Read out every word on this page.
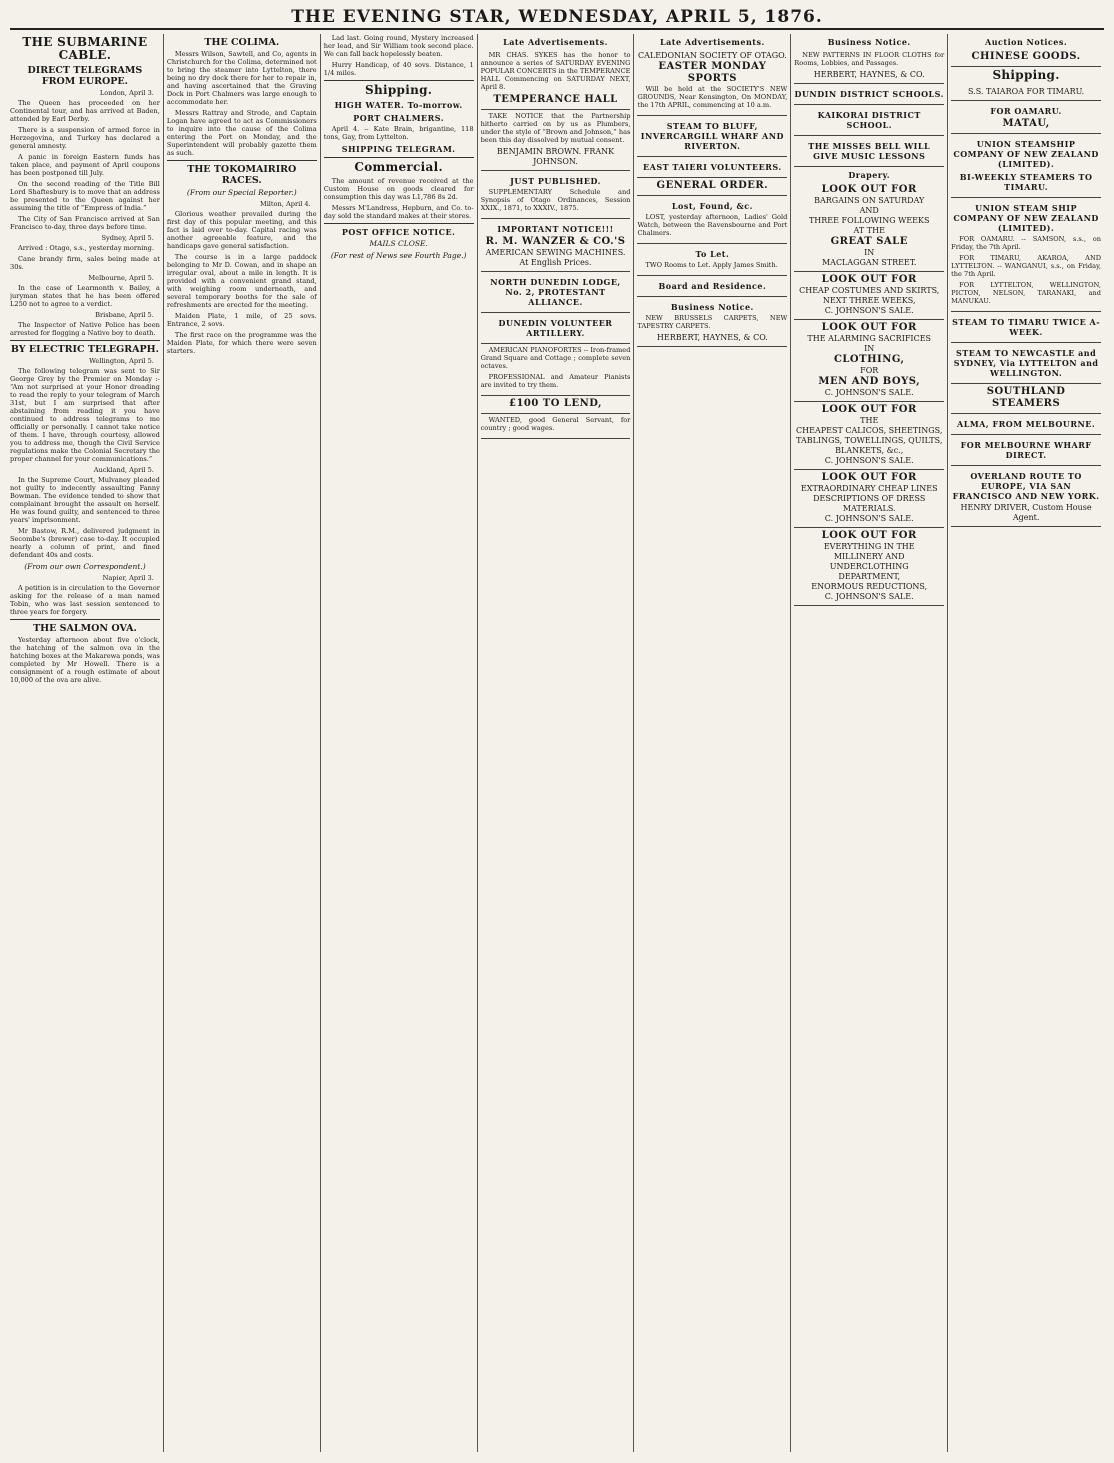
THE EVENING STAR, WEDNESDAY, APRIL 5, 1876.
THE SUBMARINE CABLE.
DIRECT TELEGRAMS FROM EUROPE.
London, April 3.

The Queen has proceeded on her Continental tour, and has arrived at Baden, attended by Earl Derby.

There is a suspension of armed force in Herzegovina, and Turkey has declared a general amnesty.

A panic in foreign Eastern funds has taken place, and payment of April coupons has been postponed till July.

On the second reading of the Title Bill Lord Shaftesbury is to move that an address be presented to the Queen against her assuming the title of “Empress of India.”

The City of San Francisco arrived at San Francisco to-day, three days before time.

Sydney, April 5.

Arrived : Otago, s.s., yesterday morning.

Cane brandy firm, sales being made at 30s.

Melbourne, April 5.

In the case of Learmonth v. Bailey, a juryman states that he has been offered L250 not to agree to a verdict.

Brisbane, April 5.

The Inspector of Native Police has been arrested for flogging a Native boy to death.

BY ELECTRIC TELEGRAPH.
Wellington, April 5.

The following telegram was sent to Sir George Grey by the Premier on Monday :- “Am not surprised at your Honor dreading to read the reply to your telegram of March 31st, but I am surprised that after abstaining from reading it you have continued to address telegrams to me officially or personally. I cannot take notice of them. I have, through courtesy, allowed you to address me, though the Civil Service regulations make the Colonial Secretary the proper channel for your communications.”

Auckland, April 5.

In the Supreme Court, Mulvaney pleaded not guilty to indecently assaulting Fanny Bowman. The evidence tended to show that complainant brought the assault on herself. He was found guilty, and sentenced to three years' imprisonment.

Mr Bastow, R.M., delivered judgment in Secombe's (brewer) case to-day. It occupied nearly a column of print, and fined defendant 40s and costs.

(From our own Correspondent.)
Napier, April 3.

A petition is in circulation to the Governor asking for the release of a man named Tobin, who was last session sentenced to three years for forgery.

THE SALMON OVA.

Yesterday afternoon about five o'clock, the hatching of the salmon ova in the hatching boxes at the Makarewa ponds, was completed by Mr Howell. There is a consignment of a rough estimate of about 10,000 of the ova are alive.

THE COLIMA.

Messrs Wilson, Sawtell, and Co, agents in Christchurch for the Colima, determined not to bring the steamer into Lyttelton, there being no dry dock there for her to repair in, and having ascertained that the Graving Dock in Port Chalmers was large enough to accommodate her.

Messrs Rattray and Strode, and Captain Logan have agreed to act as Commissioners to inquire into the cause of the Colima entering the Port on Monday, and the Superintendent will probably gazette them as such.

THE TOKOMAIRIRO RACES.
(From our Special Reporter.)
Milton, April 4.

Glorious weather prevailed during the first day of this popular meeting, and this fact is laid over to-day. Capital racing was another agreeable feature, and the handicaps gave general satisfaction.

The course is in a large paddock belonging to Mr D. Cowan, and in shape an irregular oval, about a mile in length. It is provided with a convenient grand stand, with weighing room underneath, and several temporary booths for the sale of refreshments are erected for the meeting.

Maiden Plate, 1 mile, of 25 sovs. Entrance, 2 sovs.

The first race on the programme was the Maiden Plate, for which there were seven starters.

Lad last. Going round, Mystery increased her lead, and Sir William took second place. We can fall back hopelessly beaten.

Hurry Handicap, of 40 sovs. Distance, 1 1/4 miles.

Shipping.
HIGH WATER. To-morrow.
PORT CHALMERS.

April 4. -- Kate Brain, brigantine, 118 tons, Gay, from Lyttelton.

SHIPPING TELEGRAM.
Commercial.

The amount of revenue received at the Custom House on goods cleared for consumption this day was L1,786 8s 2d.

Messrs M'Landress, Hepburn, and Co. to-day sold the standard makes at their stores.

POST OFFICE NOTICE.
MAILS CLOSE.
(For rest of News see Fourth Page.)
Late Advertisements.

MR CHAS. SYKES has the honor to announce a series of SATURDAY EVENING POPULAR CONCERTS in the TEMPERANCE HALL Commencing on SATURDAY NEXT, April 8.

TEMPERANCE HALL

TAKE NOTICE that the Partnership hitherto carried on by us as Plumbers, under the style of “Brown and Johnson,” has been this day dissolved by mutual consent.

BENJAMIN BROWN. FRANK JOHNSON.
JUST PUBLISHED.

SUPPLEMENTARY Schedule and Synopsis of Otago Ordinances, Session XXIX., 1871, to XXXIV., 1875.

IMPORTANT NOTICE!!!
R. M. WANZER & CO.'S
AMERICAN SEWING MACHINES. At English Prices.
NORTH DUNEDIN LODGE, No. 2, PROTESTANT ALLIANCE.
DUNEDIN VOLUNTEER ARTILLERY.

AMERICAN PIANOFORTES -- Iron-framed Grand Square and Cottage ; complete seven octaves.

PROFESSIONAL and Amateur Pianists are invited to try them.

£100 TO LEND,

WANTED, good General Servant, for country ; good wages.

Late Advertisements.
CALEDONIAN SOCIETY OF OTAGO.
EASTER MONDAY SPORTS

Will be held at the SOCIETY'S NEW GROUNDS, Near Kensington, On MONDAY, the 17th APRIL, commencing at 10 a.m.

STEAM TO BLUFF, INVERCARGILL WHARF AND RIVERTON.
EAST TAIERI VOLUNTEERS.
GENERAL ORDER.
Lost, Found, &c.

LOST, yesterday afternoon, Ladies' Gold Watch, between the Ravensbourne and Port Chalmers.

To Let.

TWO Rooms to Let. Apply James Smith.

Board and Residence.
Business Notice.

NEW BRUSSELS CARPETS, NEW TAPESTRY CARPETS.

HERBERT, HAYNES, & CO.
Business Notice.

NEW PATTERNS IN FLOOR CLOTHS for Rooms, Lobbies, and Passages.

HERBERT, HAYNES, & CO.
DUNDIN DISTRICT SCHOOLS.
KAIKORAI DISTRICT SCHOOL.
THE MISSES BELL WILL GIVE MUSIC LESSONS
Drapery.
LOOK OUT FOR
BARGAINS ON SATURDAY
AND
THREE FOLLOWING WEEKS
AT THE
GREAT SALE
IN
MACLAGGAN STREET.
LOOK OUT FOR
CHEAP COSTUMES AND SKIRTS,
NEXT THREE WEEKS,
C. JOHNSON'S SALE.
LOOK OUT FOR
THE ALARMING SACRIFICES
IN
CLOTHING,
FOR
MEN AND BOYS,
C. JOHNSON'S SALE.
LOOK OUT FOR
THE
CHEAPEST CALICOS, SHEETINGS,
TABLINGS, TOWELLINGS, QUILTS,
BLANKETS, &c.,
C. JOHNSON'S SALE.
LOOK OUT FOR
EXTRAORDINARY CHEAP LINES
DESCRIPTIONS OF DRESS MATERIALS.
C. JOHNSON'S SALE.
LOOK OUT FOR
EVERYTHING IN THE
MILLINERY AND UNDERCLOTHING
DEPARTMENT,
ENORMOUS REDUCTIONS,
C. JOHNSON'S SALE.
Auction Notices.
CHINESE GOODS.
Shipping.
S.S. TAIAROA FOR TIMARU.
FOR OAMARU.
MATAU,
UNION STEAMSHIP COMPANY OF NEW ZEALAND (LIMITED).
BI-WEEKLY STEAMERS TO TIMARU.
UNION STEAM SHIP COMPANY OF NEW ZEALAND (LIMITED).

FOR OAMARU. -- SAMSON, s.s., on Friday, the 7th April.

FOR TIMARU, AKAROA, AND LYTTELTON. -- WANGANUI, s.s., on Friday, the 7th April.

FOR LYTTELTON, WELLINGTON, PICTON, NELSON, TARANAKI, and MANUKAU.

STEAM TO TIMARU TWICE A-WEEK.
STEAM TO NEWCASTLE and SYDNEY, Via LYTTELTON and WELLINGTON.
SOUTHLAND STEAMERS
ALMA, FROM MELBOURNE.
FOR MELBOURNE WHARF DIRECT.
OVERLAND ROUTE TO EUROPE, VIA SAN FRANCISCO AND NEW YORK.
HENRY DRIVER, Custom House Agent.
